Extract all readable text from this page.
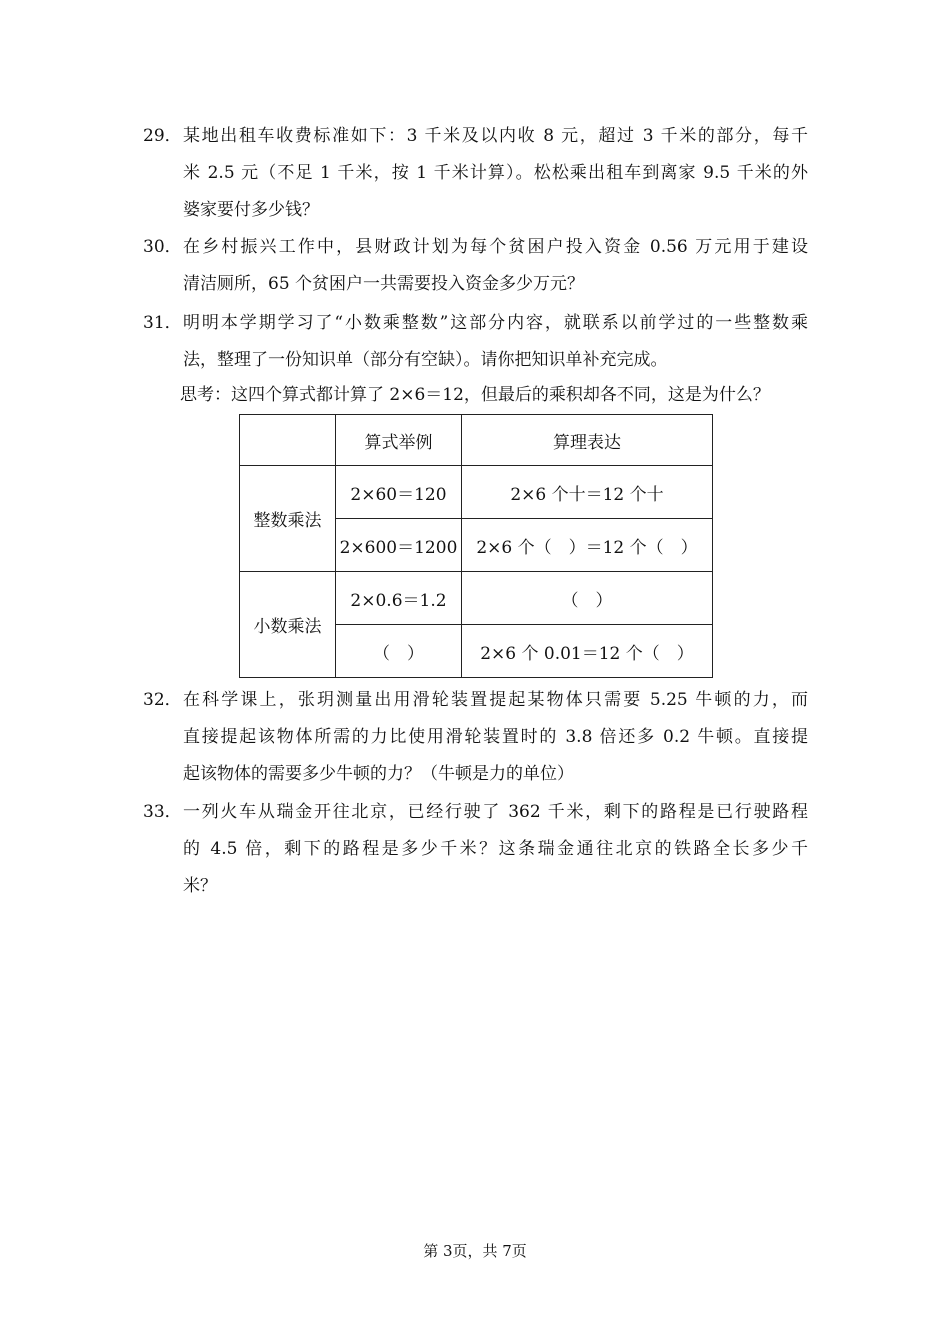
29． 某地出租车收费标准如下：3 千米及以内收 8 元，超过 3 千米的部分，每千
米 2.5 元（不足 1 千米，按 1 千米计算）。松松乘出租车到离家 9.5 千米的外
婆家要付多少钱？
30． 在乡村振兴工作中，县财政计划为每个贫困户投入资金 0.56 万元用于建设
清洁厕所，65 个贫困户一共需要投入资金多少万元？
31． 明明本学期学习了“小数乘整数”这部分内容，就联系以前学过的一些整数乘
法，整理了一份知识单（部分有空缺）。请你把知识单补充完成。
思考：这四个算式都计算了 2×6＝12，但最后的乘积却各不同，这是为什么？
	算式举例	算理表达
整数乘法	2×60＝120	2×6 个十＝12 个十
	2×600＝1200	2×6 个（　）＝12 个（　）
小数乘法	2×0.6＝1.2	（　）
	（　）	2×6 个 0.01＝12 个（　）
32． 在科学课上，张玥测量出用滑轮装置提起某物体只需要 5.25 牛顿的力，而
直接提起该物体所需的力比使用滑轮装置时的 3.8 倍还多 0.2 牛顿。直接提
起该物体的需要多少牛顿的力？（牛顿是力的单位）
33． 一列火车从瑞金开往北京，已经行驶了 362 千米，剩下的路程是已行驶路程
的 4.5 倍，剩下的路程是多少千米？这条瑞金通往北京的铁路全长多少千
米？
第 3页，共 7页
